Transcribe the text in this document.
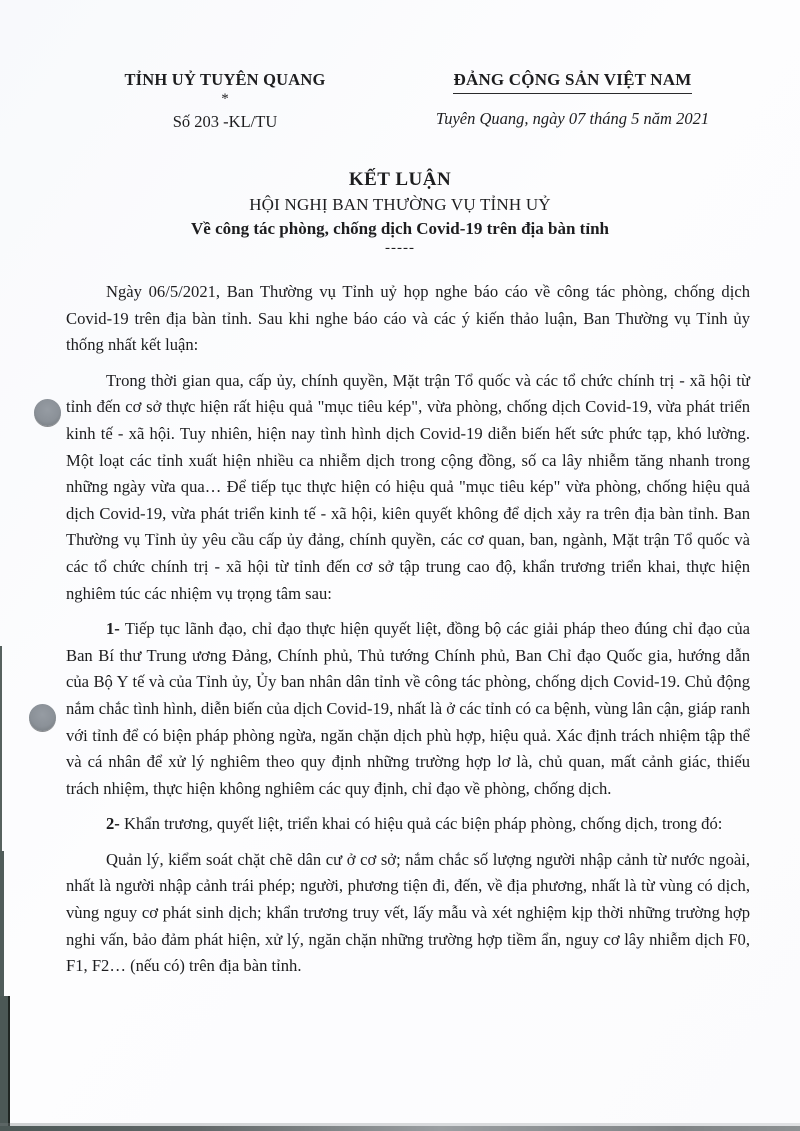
TỈNH UỶ TUYÊN QUANG
*
Số 203 -KL/TU
ĐẢNG CỘNG SẢN VIỆT NAM
Tuyên Quang, ngày 07 tháng 5 năm 2021
KẾT LUẬN
HỘI NGHỊ BAN THƯỜNG VỤ TỈNH UỶ
Về công tác phòng, chống dịch Covid-19 trên địa bàn tỉnh
-----

Ngày 06/5/2021, Ban Thường vụ Tỉnh uỷ họp nghe báo cáo về công tác phòng, chống dịch Covid-19 trên địa bàn tỉnh. Sau khi nghe báo cáo và các ý kiến thảo luận, Ban Thường vụ Tỉnh ủy thống nhất kết luận:

Trong thời gian qua, cấp ủy, chính quyền, Mặt trận Tổ quốc và các tổ chức chính trị - xã hội từ tỉnh đến cơ sở thực hiện rất hiệu quả "mục tiêu kép", vừa phòng, chống dịch Covid-19, vừa phát triển kinh tế - xã hội. Tuy nhiên, hiện nay tình hình dịch Covid-19 diễn biến hết sức phức tạp, khó lường. Một loạt các tỉnh xuất hiện nhiều ca nhiễm dịch trong cộng đồng, số ca lây nhiễm tăng nhanh trong những ngày vừa qua… Để tiếp tục thực hiện có hiệu quả "mục tiêu kép" vừa phòng, chống hiệu quả dịch Covid-19, vừa phát triển kinh tế - xã hội, kiên quyết không để dịch xảy ra trên địa bàn tỉnh. Ban Thường vụ Tỉnh ủy yêu cầu cấp ủy đảng, chính quyền, các cơ quan, ban, ngành, Mặt trận Tổ quốc và các tổ chức chính trị - xã hội từ tỉnh đến cơ sở tập trung cao độ, khẩn trương triển khai, thực hiện nghiêm túc các nhiệm vụ trọng tâm sau:

1- Tiếp tục lãnh đạo, chỉ đạo thực hiện quyết liệt, đồng bộ các giải pháp theo đúng chỉ đạo của Ban Bí thư Trung ương Đảng, Chính phủ, Thủ tướng Chính phủ, Ban Chỉ đạo Quốc gia, hướng dẫn của Bộ Y tế và của Tỉnh ủy, Ủy ban nhân dân tỉnh về công tác phòng, chống dịch Covid-19. Chủ động nắm chắc tình hình, diễn biến của dịch Covid-19, nhất là ở các tỉnh có ca bệnh, vùng lân cận, giáp ranh với tỉnh để có biện pháp phòng ngừa, ngăn chặn dịch phù hợp, hiệu quả. Xác định trách nhiệm tập thể và cá nhân để xử lý nghiêm theo quy định những trường hợp lơ là, chủ quan, mất cảnh giác, thiếu trách nhiệm, thực hiện không nghiêm các quy định, chỉ đạo về phòng, chống dịch.

2- Khẩn trương, quyết liệt, triển khai có hiệu quả các biện pháp phòng, chống dịch, trong đó:

Quản lý, kiểm soát chặt chẽ dân cư ở cơ sở; nắm chắc số lượng người nhập cảnh từ nước ngoài, nhất là người nhập cảnh trái phép; người, phương tiện đi, đến, về địa phương, nhất là từ vùng có dịch, vùng nguy cơ phát sinh dịch; khẩn trương truy vết, lấy mẫu và xét nghiệm kịp thời những trường hợp nghi vấn, bảo đảm phát hiện, xử lý, ngăn chặn những trường hợp tiềm ẩn, nguy cơ lây nhiễm dịch F0, F1, F2… (nếu có) trên địa bàn tỉnh.
